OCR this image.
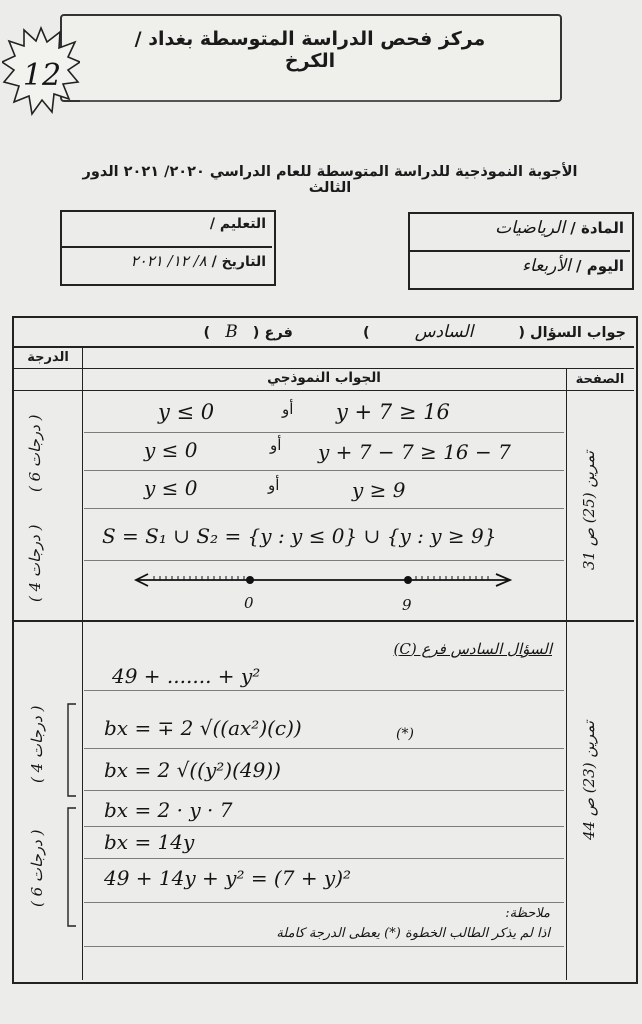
مركز فحص الدراسة المتوسطة بغداد / الكرخ
12
الأجوبة النموذجية للدراسة المتوسطة للعام الدراسي ٢٠٢٠/ ٢٠٢١ الدور الثالث
المادة / الرياضيات
اليوم / الأربعاء
التعليم /
التاريخ / ٨/ ١٢/ ٢٠٢١
جواب السؤال ( السادس )  فرع ( B )
الدرجة
الجواب النموذجي	الصفحة
y ≤ 0	أو y + 7 ≥ 16
y ≤ 0	أو y + 7 − 7 ≥ 16 − 7
y ≤ 0	أو	y ≥ 9
S = S₁ ∪ S₂ = {y : y ≤ 0} ∪ {y : y ≥ 9}
0	9
( 6 درجات )
( 4 درجات )
تمرين (25) ص 31
السؤال السادس فرع (C)
49 + ....... + y²
bx = ∓ 2 √((ax²)(c))	(*)
bx = 2 √((y²)(49))
bx = 2 · y · 7
bx = 14y
49 + 14y + y² = (7 + y)²
ملاحظة:
اذا لم يذكر الطالب الخطوة (*) يعطى الدرجة كاملة
( 4 درجات )
( 6 درجات )	تمرين (23) ص 44
